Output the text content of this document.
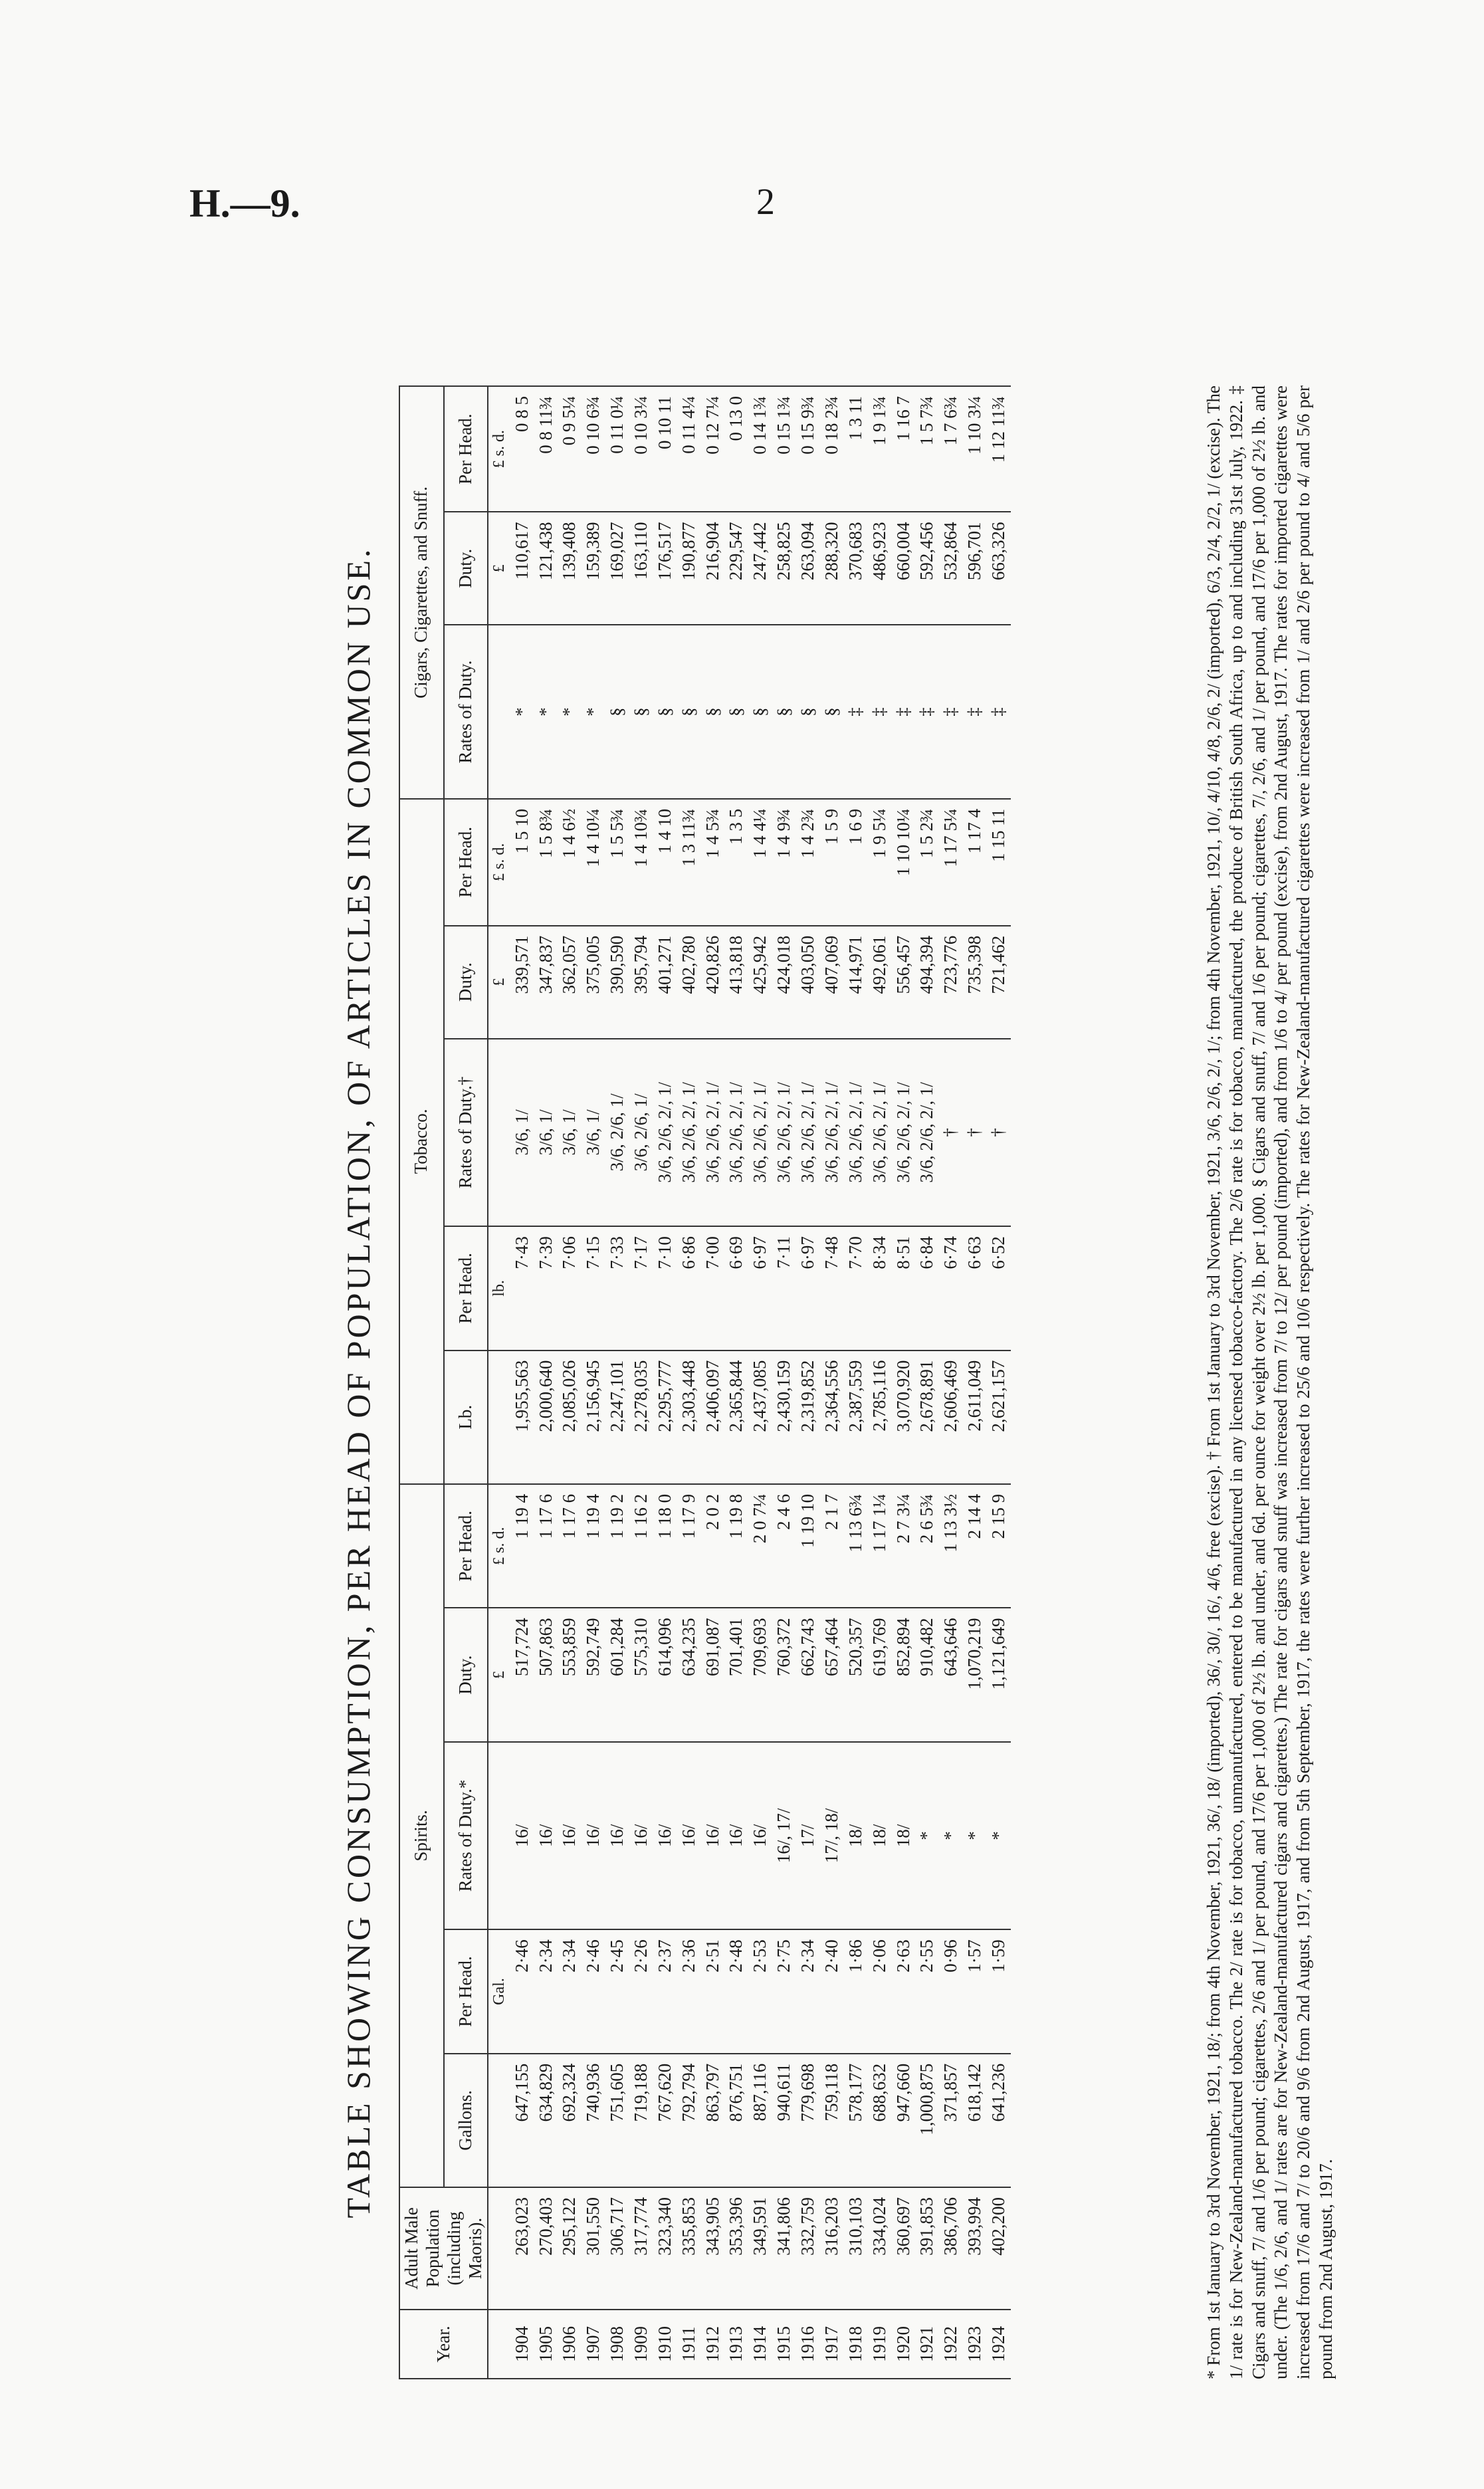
H.—9.	2
TABLE SHOWING CONSUMPTION, PER HEAD OF POPULATION, OF ARTICLES IN COMMON USE.
Year.	Adult Male Population (including Maoris).	Spirits.					Tobacco.					Cigars, Cigarettes, and Snuff.		
		Gallons.	Per Head.	Rates of Duty.*	Duty.	Per Head.	Lb.	Per Head.	Rates of Duty.†	Duty.	Per Head.	Rates of Duty.	Duty.	Per Head.
			Gal.		£	£ s. d.		lb.		£	£ s. d.		£	£ s. d.
1904	263,023	647,155	2·46	16/	517,724	1 19 4	1,955,563	7·43	3/6, 1/	339,571	1 5 10	*	110,617	0 8 5
1905	270,403	634,829	2·34	16/	507,863	1 17 6	2,000,640	7·39	3/6, 1/	347,837	1 5 8¾	*	121,438	0 8 11¾
1906	295,122	692,324	2·34	16/	553,859	1 17 6	2,085,026	7·06	3/6, 1/	362,057	1 4 6½	*	139,408	0 9 5¼
1907	301,550	740,936	2·46	16/	592,749	1 19 4	2,156,945	7·15	3/6, 1/	375,005	1 4 10¼	*	159,389	0 10 6¾
1908	306,717	751,605	2·45	16/	601,284	1 19 2	2,247,101	7·33	3/6, 2/6, 1/	390,590	1 5 5¾	§	169,027	0 11 0¼
1909	317,774	719,188	2·26	16/	575,310	1 16 2	2,278,035	7·17	3/6, 2/6, 1/	395,794	1 4 10¾	§	163,110	0 10 3¼
1910	323,340	767,620	2·37	16/	614,096	1 18 0	2,295,777	7·10	3/6, 2/6, 2/, 1/	401,271	1 4 10	§	176,517	0 10 11
1911	335,853	792,794	2·36	16/	634,235	1 17 9	2,303,448	6·86	3/6, 2/6, 2/, 1/	402,780	1 3 11¾	§	190,877	0 11 4¼
1912	343,905	863,797	2·51	16/	691,087	2 0 2	2,406,097	7·00	3/6, 2/6, 2/, 1/	420,826	1 4 5¾	§	216,904	0 12 7¼
1913	353,396	876,751	2·48	16/	701,401	1 19 8	2,365,844	6·69	3/6, 2/6, 2/, 1/	413,818	1 3 5	§	229,547	0 13 0
1914	349,591	887,116	2·53	16/	709,693	2 0 7¼	2,437,085	6·97	3/6, 2/6, 2/, 1/	425,942	1 4 4¼	§	247,442	0 14 1¾
1915	341,806	940,611	2·75	16/, 17/	760,372	2 4 6	2,430,159	7·11	3/6, 2/6, 2/, 1/	424,018	1 4 9¾	§	258,825	0 15 1¾
1916	332,759	779,698	2·34	17/	662,743	1 19 10	2,319,852	6·97	3/6, 2/6, 2/, 1/	403,050	1 4 2¾	§	263,094	0 15 9¾
1917	316,203	759,118	2·40	17/, 18/	657,464	2 1 7	2,364,556	7·48	3/6, 2/6, 2/, 1/	407,069	1 5 9	§	288,320	0 18 2¾
1918	310,103	578,177	1·86	18/	520,357	1 13 6¾	2,387,559	7·70	3/6, 2/6, 2/, 1/	414,971	1 6 9	‡	370,683	1 3 11
1919	334,024	688,632	2·06	18/	619,769	1 17 1¼	2,785,116	8·34	3/6, 2/6, 2/, 1/	492,061	1 9 5¼	‡	486,923	1 9 1¾
1920	360,697	947,660	2·63	18/	852,894	2 7 3¼	3,070,920	8·51	3/6, 2/6, 2/, 1/	556,457	1 10 10¼	‡	660,004	1 16 7
1921	391,853	1,000,875	2·55	*	910,482	2 6 5¾	2,678,891	6·84	3/6, 2/6, 2/, 1/	494,394	1 5 2¾	‡	592,456	1 5 7¾
1922	386,706	371,857	0·96	*	643,646	1 13 3½	2,606,469	6·74	†	723,776	1 17 5¼	‡	532,864	1 7 6¾
1923	393,994	618,142	1·57	*	1,070,219	2 14 4	2,611,049	6·63	†	735,398	1 17 4	‡	596,701	1 10 3¼
1924	402,200	641,236	1·59	*	1,121,649	2 15 9	2,621,157	6·52	†	721,462	1 15 11	‡	663,326	1 12 11¾	* From 1st January to 3rd November, 1921, 18/; from 4th November, 1921, 36/, 18/ (imported), 36/, 30/, 16/, 4/6, free (excise). † From 1st January to 3rd November, 1921, 3/6, 2/6, 2/, 1/; from 4th November, 1921, 10/, 4/10, 4/8, 2/6, 2/ (imported), 6/3, 2/4, 2/2, 1/ (excise). The 1/ rate is for New-Zealand-manufactured tobacco. The 2/ rate is for tobacco, unmanufactured, entered to be manufactured in any licensed tobacco-factory. The 2/6 rate is for tobacco, manufactured, the produce of British South Africa, up to and including 31st July, 1922. ‡ Cigars and snuff, 7/ and 1/6 per pound; cigarettes, 2/6 and 1/ per pound, and 17/6 per 1,000 of 2½ lb. and under, and 6d. per ounce for weight over 2½ lb. per 1,000. § Cigars and snuff, 7/ and 1/6 per pound; cigarettes, 7/, 2/6, and 1/ per pound, and 17/6 per 1,000 of 2½ lb. and under. (The 1/6, 2/6, and 1/ rates are for New-Zealand-manufactured cigars and cigarettes.) The rate for cigars and snuff was increased from 7/ to 12/ per pound (imported), and from 1/6 to 4/ per pound (excise), from 2nd August, 1917. The rates for imported cigarettes were increased from 17/6 and 7/ to 20/6 and 9/6 from 2nd August, 1917, and from 5th September, 1917, the rates were further increased to 25/6 and 10/6 respectively. The rates for New-Zealand-manufactured cigarettes were increased from 1/ and 2/6 per pound to 4/ and 5/6 per pound from 2nd August, 1917.
